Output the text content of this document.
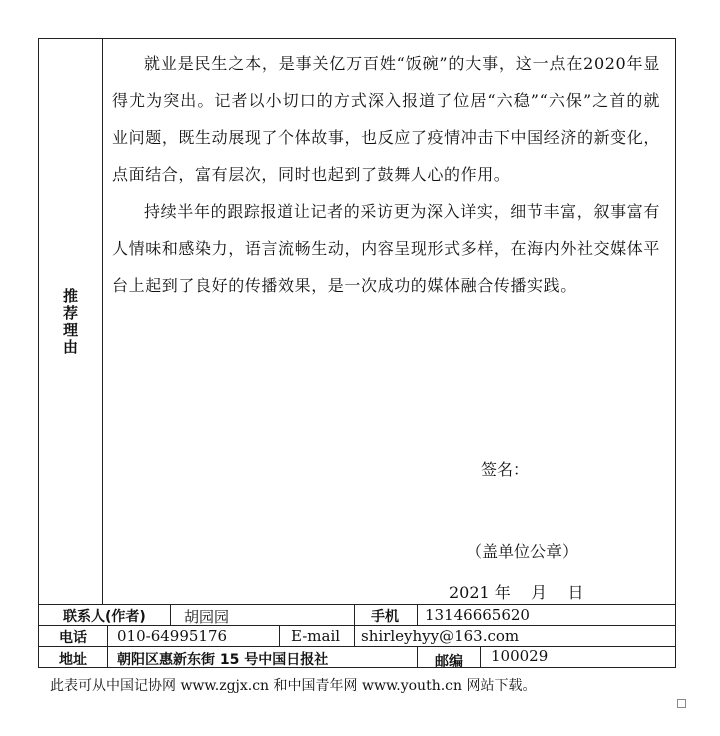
推荐理由

就业是民生之本，是事关亿万百姓“饭碗”的大事，这一点在2020年显得尤为突出。记者以小切口的方式深入报道了位居“六稳”“六保”之首的就业问题，既生动展现了个体故事，也反应了疫情冲击下中国经济的新变化，点面结合，富有层次，同时也起到了鼓舞人心的作用。

持续半年的跟踪报道让记者的采访更为深入详实，细节丰富，叙事富有人情味和感染力，语言流畅生动，内容呈现形式多样，在海内外社交媒体平台上起到了良好的传播效果，是一次成功的媒体融合传播实践。

签名：
（盖单位公章）
2021 年    月    日
联系人(作者)	胡园园	手机 13146665620
电话 010-64995176	E-mail shirleyhyy@163.com
地址 朝阳区惠新东街 15 号中国日报社	邮编 100029
此表可从中国记协网 www.zgjx.cn 和中国青年网 www.youth.cn 网站下载。
